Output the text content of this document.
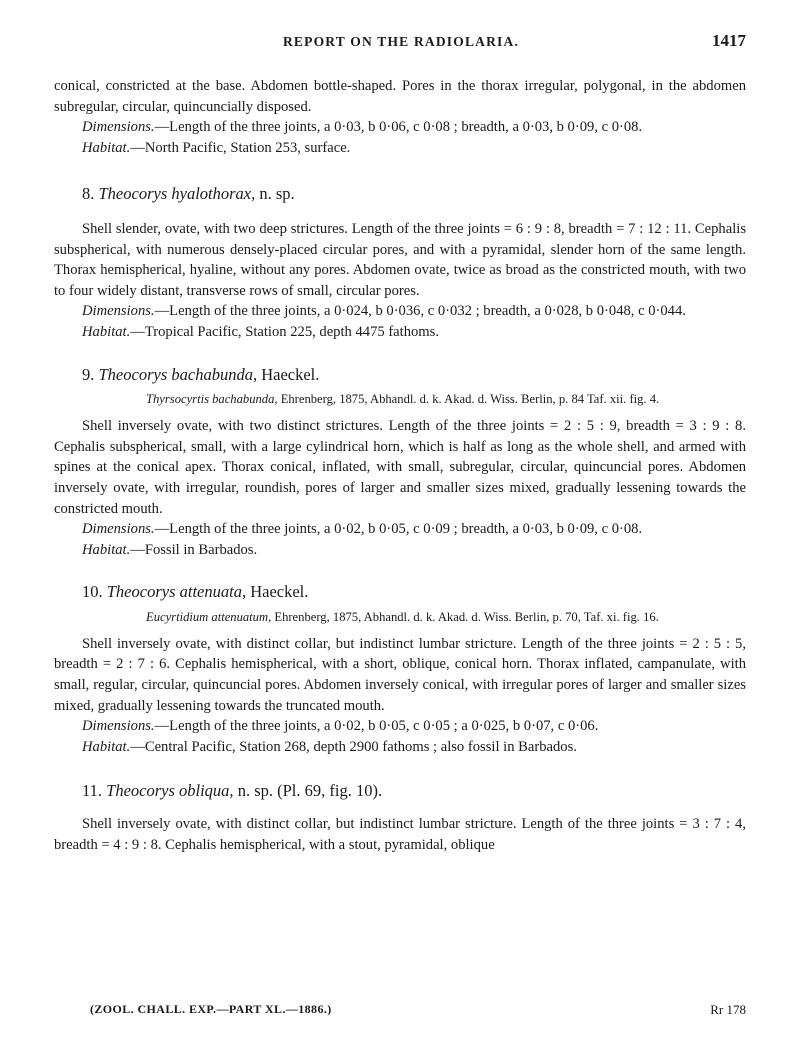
REPORT ON THE RADIOLARIA.	1417

conical, constricted at the base. Abdomen bottle-shaped. Pores in the thorax irregular, polygonal, in the abdomen subregular, circular, quincuncially disposed.

Dimensions.—Length of the three joints, a 0·03, b 0·06, c 0·08 ; breadth, a 0·03, b 0·09, c 0·08.

Habitat.—North Pacific, Station 253, surface.

8. Theocorys hyalothorax, n. sp.

Shell slender, ovate, with two deep strictures. Length of the three joints = 6 : 9 : 8, breadth = 7 : 12 : 11. Cephalis subspherical, with numerous densely-placed circular pores, and with a pyramidal, slender horn of the same length. Thorax hemispherical, hyaline, without any pores. Abdomen ovate, twice as broad as the constricted mouth, with two to four widely distant, transverse rows of small, circular pores.

Dimensions.—Length of the three joints, a 0·024, b 0·036, c 0·032 ; breadth, a 0·028, b 0·048, c 0·044.

Habitat.—Tropical Pacific, Station 225, depth 4475 fathoms.

9. Theocorys bachabunda, Haeckel.

Thyrsocyrtis bachabunda, Ehrenberg, 1875, Abhandl. d. k. Akad. d. Wiss. Berlin, p. 84 Taf. xii. fig. 4.

Shell inversely ovate, with two distinct strictures. Length of the three joints = 2 : 5 : 9, breadth = 3 : 9 : 8. Cephalis subspherical, small, with a large cylindrical horn, which is half as long as the whole shell, and armed with spines at the conical apex. Thorax conical, inflated, with small, subregular, circular, quincuncial pores. Abdomen inversely ovate, with irregular, roundish, pores of larger and smaller sizes mixed, gradually lessening towards the constricted mouth.

Dimensions.—Length of the three joints, a 0·02, b 0·05, c 0·09 ; breadth, a 0·03, b 0·09, c 0·08.

Habitat.—Fossil in Barbados.

10. Theocorys attenuata, Haeckel.

Eucyrtidium attenuatum, Ehrenberg, 1875, Abhandl. d. k. Akad. d. Wiss. Berlin, p. 70, Taf. xi. fig. 16.

Shell inversely ovate, with distinct collar, but indistinct lumbar stricture. Length of the three joints = 2 : 5 : 5, breadth = 2 : 7 : 6. Cephalis hemispherical, with a short, oblique, conical horn. Thorax inflated, campanulate, with small, regular, circular, quincuncial pores. Abdomen inversely conical, with irregular pores of larger and smaller sizes mixed, gradually lessening towards the truncated mouth.

Dimensions.—Length of the three joints, a 0·02, b 0·05, c 0·05 ; a 0·025, b 0·07, c 0·06.

Habitat.—Central Pacific, Station 268, depth 2900 fathoms ; also fossil in Barbados.

11. Theocorys obliqua, n. sp. (Pl. 69, fig. 10).

Shell inversely ovate, with distinct collar, but indistinct lumbar stricture. Length of the three joints = 3 : 7 : 4, breadth = 4 : 9 : 8. Cephalis hemispherical, with a stout, pyramidal, oblique

(ZOOL. CHALL. EXP.—PART XL.—1886.)	Rr 178
